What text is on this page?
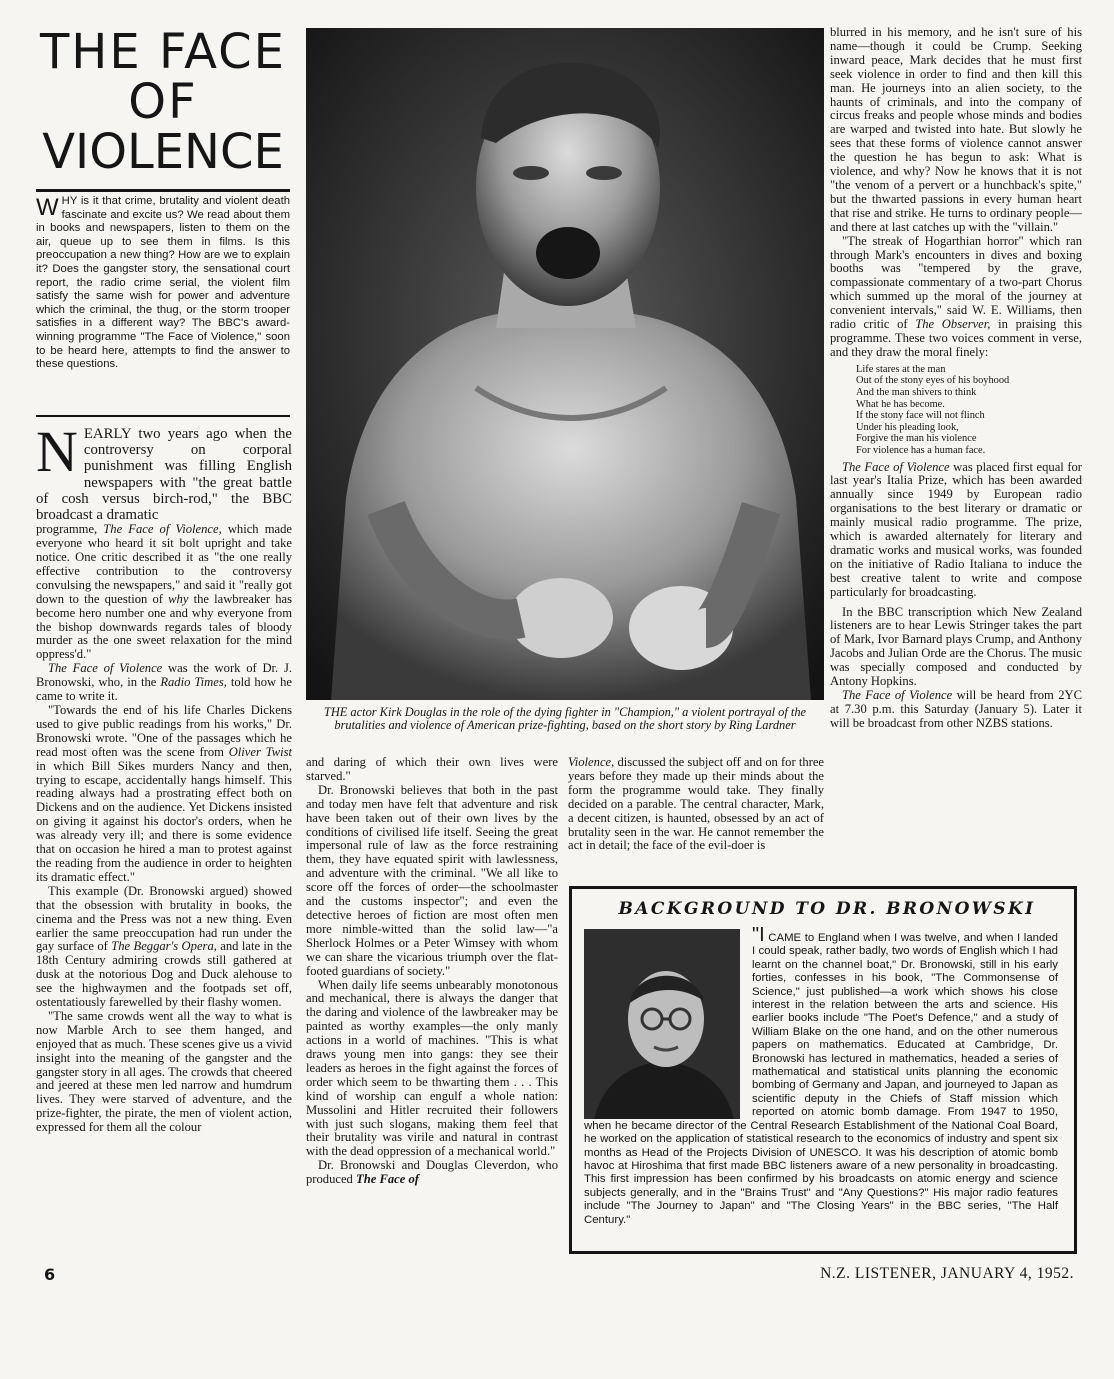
THE FACE
OF
VIOLENCE
WHY is it that crime, brutality and violent death fascinate and excite us? We read about them in books and newspapers, listen to them on the air, queue up to see them in films. Is this preoccupation a new thing? How are we to explain it? Does the gangster story, the sensational court report, the radio crime serial, the violent film satisfy the same wish for power and adventure which the criminal, the thug, or the storm trooper satisfies in a different way? The BBC's award-winning programme "The Face of Violence," soon to be heard here, attempts to find the answer to these questions.
NEARLY two years ago when the controversy on corporal punishment was filling English newspapers with "the great battle of cosh versus birch-rod," the BBC broadcast a dramatic

programme, The Face of Violence, which made everyone who heard it sit bolt upright and take notice. One critic described it as "the one really effective contribution to the controversy convulsing the newspapers," and said it "really got down to the question of why the lawbreaker has become hero number one and why everyone from the bishop downwards regards tales of bloody murder as the one sweet relaxation for the mind oppress'd."

The Face of Violence was the work of Dr. J. Bronowski, who, in the Radio Times, told how he came to write it.

"Towards the end of his life Charles Dickens used to give public readings from his works," Dr. Bronowski wrote. "One of the passages which he read most often was the scene from Oliver Twist in which Bill Sikes murders Nancy and then, trying to escape, accidentally hangs himself. This reading always had a prostrating effect both on Dickens and on the audience. Yet Dickens insisted on giving it against his doctor's orders, when he was already very ill; and there is some evidence that on occasion he hired a man to protest against the reading from the audience in order to heighten its dramatic effect."

This example (Dr. Bronowski argued) showed that the obsession with brutality in books, the cinema and the Press was not a new thing. Even earlier the same preoccupation had run under the gay surface of The Beggar's Opera, and late in the 18th Century admiring crowds still gathered at dusk at the notorious Dog and Duck alehouse to see the highwaymen and the footpads set off, ostentatiously farewelled by their flashy women.

"The same crowds went all the way to what is now Marble Arch to see them hanged, and enjoyed that as much. These scenes give us a vivid insight into the meaning of the gangster and the gangster story in all ages. The crowds that cheered and jeered at these men led narrow and humdrum lives. They were starved of adventure, and the prize-fighter, the pirate, the men of violent action, expressed for them all the colour

THE actor Kirk Douglas in the role of the dying fighter in "Champion," a violent portrayal of the brutalities and violence of American prize-fighting, based on the short story by Ring Lardner

and daring of which their own lives were starved."

Dr. Bronowski believes that both in the past and today men have felt that adventure and risk have been taken out of their own lives by the conditions of civilised life itself. Seeing the great impersonal rule of law as the force restraining them, they have equated spirit with lawlessness, and adventure with the criminal. "We all like to score off the forces of order—the schoolmaster and the customs inspector"; and even the detective heroes of fiction are most often men more nimble-witted than the solid law—"a Sherlock Holmes or a Peter Wimsey with whom we can share the vicarious triumph over the flat-footed guardians of society."

When daily life seems unbearably monotonous and mechanical, there is always the danger that the daring and violence of the lawbreaker may be painted as worthy examples—the only manly actions in a world of machines. "This is what draws young men into gangs: they see their leaders as heroes in the fight against the forces of order which seem to be thwarting them . . . This kind of worship can engulf a whole nation: Mussolini and Hitler recruited their followers with just such slogans, making them feel that their brutality was virile and natural in contrast with the dead oppression of a mechanical world."

Dr. Bronowski and Douglas Cleverdon, who produced The Face of

Violence, discussed the subject off and on for three years before they made up their minds about the form the programme would take. They finally decided on a parable. The central character, Mark, a decent citizen, is haunted, obsessed by an act of brutality seen in the war. He cannot remember the act in detail; the face of the evil-doer is

blurred in his memory, and he isn't sure of his name—though it could be Crump. Seeking inward peace, Mark decides that he must first seek violence in order to find and then kill this man. He journeys into an alien society, to the haunts of criminals, and into the company of circus freaks and people whose minds and bodies are warped and twisted into hate. But slowly he sees that these forms of violence cannot answer the question he has begun to ask: What is violence, and why? Now he knows that it is not "the venom of a pervert or a hunchback's spite," but the thwarted passions in every human heart that rise and strike. He turns to ordinary people—and there at last catches up with the "villain."

"The streak of Hogarthian horror" which ran through Mark's encounters in dives and boxing booths was "tempered by the grave, compassionate commentary of a two-part Chorus which summed up the moral of the journey at convenient intervals," said W. E. Williams, then radio critic of The Observer, in praising this programme. These two voices comment in verse, and they draw the moral finely:

Life stares at the man
Out of the stony eyes of his boyhood
And the man shivers to think
What he has become.
If the stony face will not flinch
Under his pleading look,
Forgive the man his violence
For violence has a human face.

The Face of Violence was placed first equal for last year's Italia Prize, which has been awarded annually since 1949 by European radio organisations to the best literary or dramatic or mainly musical radio programme. The prize, which is awarded alternately for literary and dramatic works and musical works, was founded on the initiative of Radio Italiana to induce the best creative talent to write and compose particularly for broadcasting.

In the BBC transcription which New Zealand listeners are to hear Lewis Stringer takes the part of Mark, Ivor Barnard plays Crump, and Anthony Jacobs and Julian Orde are the Chorus. The music was specially composed and conducted by Antony Hopkins.

The Face of Violence will be heard from 2YC at 7.30 p.m. this Saturday (January 5). Later it will be broadcast from other NZBS stations.

BACKGROUND TO DR. BRONOWSKI
"I CAME to England when I was twelve, and when I landed I could speak, rather badly, two words of English which I had learnt on the channel boat," Dr. Bronowski, still in his early forties, confesses in his book, "The Commonsense of Science," just published—a work which shows his close interest in the relation between the arts and science. His earlier books include "The Poet's Defence," and a study of William Blake on the one hand, and on the other numerous papers on mathematics. Educated at Cambridge, Dr. Bronowski has lectured in mathematics, headed a series of mathematical and statistical units planning the economic bombing of Germany and Japan, and journeyed to Japan as scientific deputy in the Chiefs of Staff mission which reported on atomic bomb damage. From 1947 to 1950, when he became director of the Central Research Establishment of the National Coal Board, he worked on the application of statistical research to the economics of industry and spent six months as Head of the Projects Division of UNESCO. It was his description of atomic bomb havoc at Hiroshima that first made BBC listeners aware of a new personality in broadcasting. This first impression has been confirmed by his broadcasts on atomic energy and science subjects generally, and in the "Brains Trust" and "Any Questions?" His major radio features include "The Journey to Japan" and "The Closing Years" in the BBC series, "The Half Century."
6	N.Z. LISTENER, JANUARY 4, 1952.
